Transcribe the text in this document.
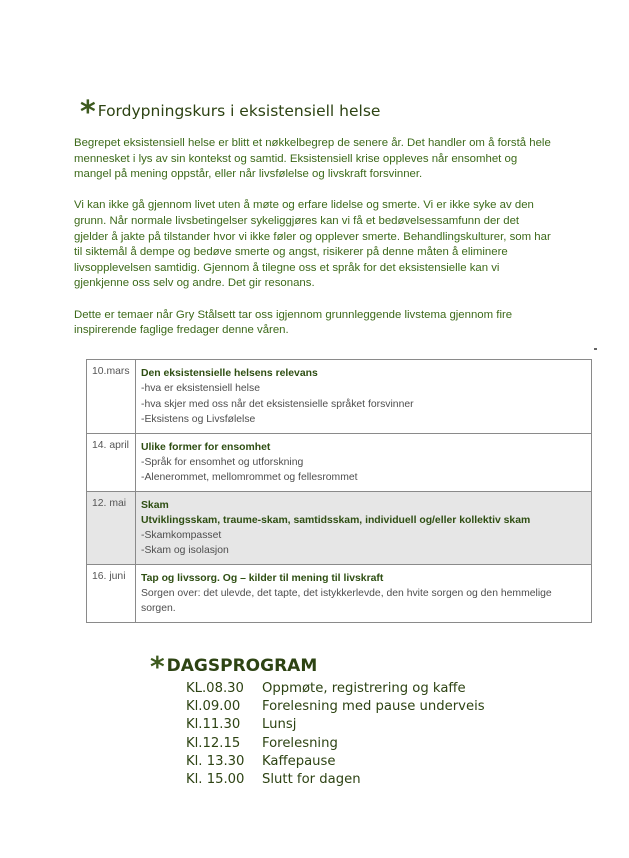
* Fordypningskurs i eksistensiell helse

Begrepet eksistensiell helse er blitt et nøkkelbegrep de senere år. Det handler om å forstå hele mennesket i lys av sin kontekst og samtid. Eksistensiell krise oppleves når ensomhet og mangel på mening oppstår, eller når livsfølelse og livskraft forsvinner.

Vi kan ikke gå gjennom livet uten å møte og erfare lidelse og smerte. Vi er ikke syke av den grunn. Når normale livsbetingelser sykeliggjøres kan vi få et bedøvelsessamfunn der det gjelder å jakte på tilstander hvor vi ikke føler og opplever smerte. Behandlingskulturer, som har til siktemål å dempe og bedøve smerte og angst, risikerer på denne måten å eliminere livsopplevelsen samtidig. Gjennom å tilegne oss et språk for det eksistensielle kan vi gjenkjenne oss selv og andre. Det gir resonans.

Dette er temaer når Gry Stålsett tar oss igjennom grunnleggende livstema gjennom fire inspirerende faglige fredager denne våren.

10.mars	Den eksistensielle helsens relevans
-hva er eksistensiell helse
-hva skjer med oss når det eksistensielle språket forsvinner
-Eksistens og Livsfølelse

14. april	Ulike former for ensomhet
-Språk for ensomhet og utforskning
-Alenerommet, mellomrommet og fellesrommet

12. mai	Skam
Utviklingsskam, traume-skam, samtidsskam, individuell og/eller kollektiv skam
-Skamkompasset
-Skam og isolasjon

16. juni	Tap og livssorg. Og – kilder til mening til livskraft
Sorgen over: det ulevde, det tapte, det istykkerlevde, den hvite sorgen og den hemmelige sorgen.
* DAGSPROGRAM
KL.08.30	Oppmøte, registrering og kaffe
Kl.09.00	Forelesning med pause underveis
Kl.11.30	Lunsj
Kl.12.15	Forelesning
Kl. 13.30	Kaffepause
Kl. 15.00	Slutt for dagen
